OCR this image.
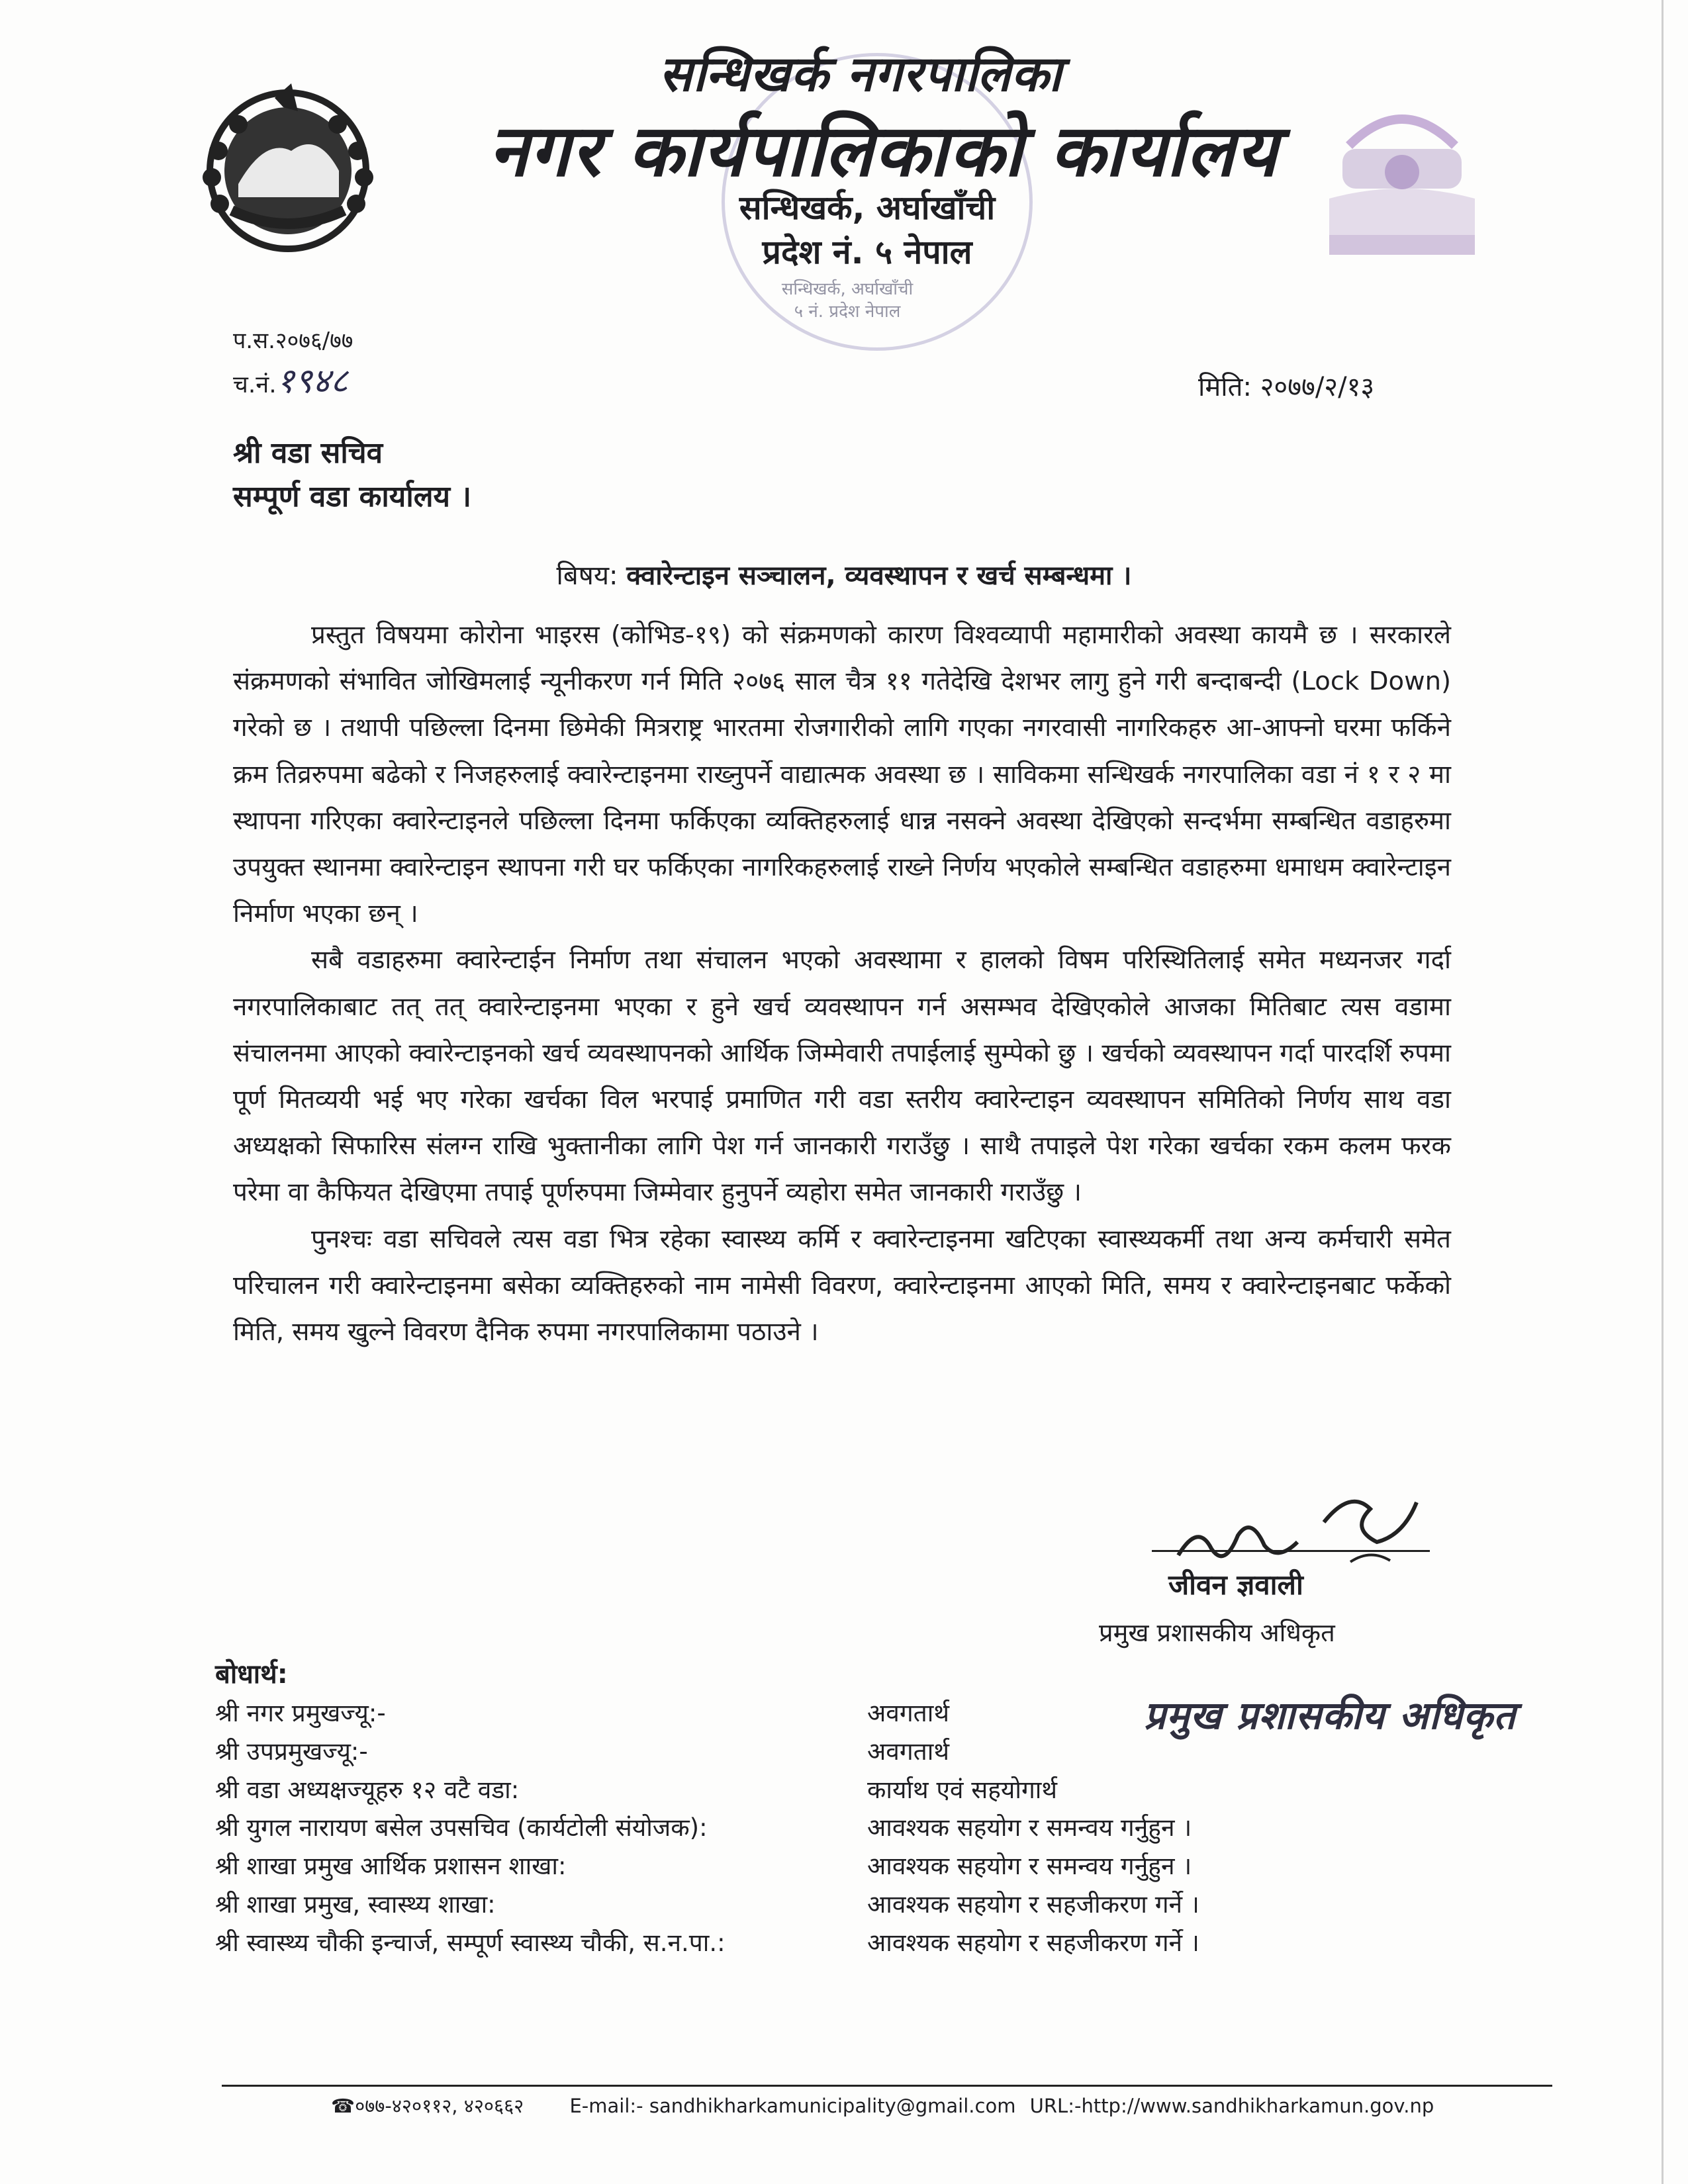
सन्धिखर्क, अर्घाखाँची
५ नं. प्रदेश नेपाल
सन्धिखर्क नगरपालिका
नगर कार्यपालिकाको कार्यालय
सन्धिखर्क, अर्घाखाँची
प्रदेश नं. ५ नेपाल
प.स.२०७६/७७
च.नं.१९४८	मिति: २०७७/२/१३
श्री वडा सचिव
सम्पूर्ण वडा कार्यालय ।
बिषय: क्वारेन्टाइन सञ्चालन, व्यवस्थापन र खर्च सम्बन्धमा ।

प्रस्तुत विषयमा कोरोना भाइरस (कोभिड-१९) को संक्रमणको कारण विश्वव्यापी महामारीको अवस्था कायमै छ । सरकारले संक्रमणको संभावित जोखिमलाई न्यूनीकरण गर्न मिति २०७६ साल चैत्र ११ गतेदेखि देशभर लागु हुने गरी बन्दाबन्दी (Lock Down) गरेको छ । तथापी पछिल्ला दिनमा छिमेकी मित्रराष्ट्र भारतमा रोजगारीको लागि गएका नगरवासी नागरिकहरु आ-आफ्नो घरमा फर्किने क्रम तिव्ररुपमा बढेको र निजहरुलाई क्वारेन्टाइनमा राख्नुपर्ने वाद्यात्मक अवस्था छ । साविकमा सन्धिखर्क नगरपालिका वडा नं १ र २ मा स्थापना गरिएका क्वारेन्टाइनले पछिल्ला दिनमा फर्किएका व्यक्तिहरुलाई धान्न नसक्ने अवस्था देखिएको सन्दर्भमा सम्बन्धित वडाहरुमा उपयुक्त स्थानमा क्वारेन्टाइन स्थापना गरी घर फर्किएका नागरिकहरुलाई राख्ने निर्णय भएकोले सम्बन्धित वडाहरुमा धमाधम क्वारेन्टाइन निर्माण भएका छन् ।

सबै वडाहरुमा क्वारेन्टाईन निर्माण तथा संचालन भएको अवस्थामा र हालको विषम परिस्थितिलाई समेत मध्यनजर गर्दा नगरपालिकाबाट तत् तत् क्वारेन्टाइनमा भएका र हुने खर्च व्यवस्थापन गर्न असम्भव देखिएकोले आजका मितिबाट त्यस वडामा संचालनमा आएको क्वारेन्टाइनको खर्च व्यवस्थापनको आर्थिक जिम्मेवारी तपाईलाई सुम्पेको छु । खर्चको व्यवस्थापन गर्दा पारदर्शि रुपमा पूर्ण मितव्ययी भई भए गरेका खर्चका विल भरपाई प्रमाणित गरी वडा स्तरीय क्वारेन्टाइन व्यवस्थापन समितिको निर्णय साथ वडा अध्यक्षको सिफारिस संलग्न राखि भुक्तानीका लागि पेश गर्न जानकारी गराउँछु । साथै तपाइले पेश गरेका खर्चका रकम कलम फरक परेमा वा कैफियत देखिएमा तपाई पूर्णरुपमा जिम्मेवार हुनुपर्ने व्यहोरा समेत जानकारी गराउँछु ।

पुनश्चः वडा सचिवले त्यस वडा भित्र रहेका स्वास्थ्य कर्मि र क्वारेन्टाइनमा खटिएका स्वास्थ्यकर्मी तथा अन्य कर्मचारी समेत परिचालन गरी क्वारेन्टाइनमा बसेका व्यक्तिहरुको नाम नामेसी विवरण, क्वारेन्टाइनमा आएको मिति, समय र क्वारेन्टाइनबाट फर्केको मिति, समय खुल्ने विवरण दैनिक रुपमा नगरपालिकामा पठाउने ।

जीवन ज्ञवाली
प्रमुख प्रशासकीय अधिकृत
प्रमुख प्रशासकीय अधिकृत
बोधार्थ:
श्री नगर प्रमुखज्यू:-	अवगतार्थ
श्री उपप्रमुखज्यू:-	अवगतार्थ
श्री वडा अध्यक्षज्यूहरु १२ वटै वडा:	कार्याथ एवं सहयोगार्थ
श्री युगल नारायण बसेल उपसचिव (कार्यटोली संयोजक):	आवश्यक सहयोग र समन्वय गर्नुहुन ।
श्री शाखा प्रमुख आर्थिक प्रशासन शाखा:	आवश्यक सहयोग र समन्वय गर्नुहुन ।
श्री शाखा प्रमुख, स्वास्थ्य शाखा:	आवश्यक सहयोग र सहजीकरण गर्ने ।
श्री स्वास्थ्य चौकी इन्चार्ज, सम्पूर्ण स्वास्थ्य चौकी, स.न.पा.:	आवश्यक सहयोग र सहजीकरण गर्ने ।
☎०७७-४२०११२, ४२०६६२ E-mail:- sandhikharkamunicipality@gmail.com URL:-http://www.sandhikharkamun.gov.np
